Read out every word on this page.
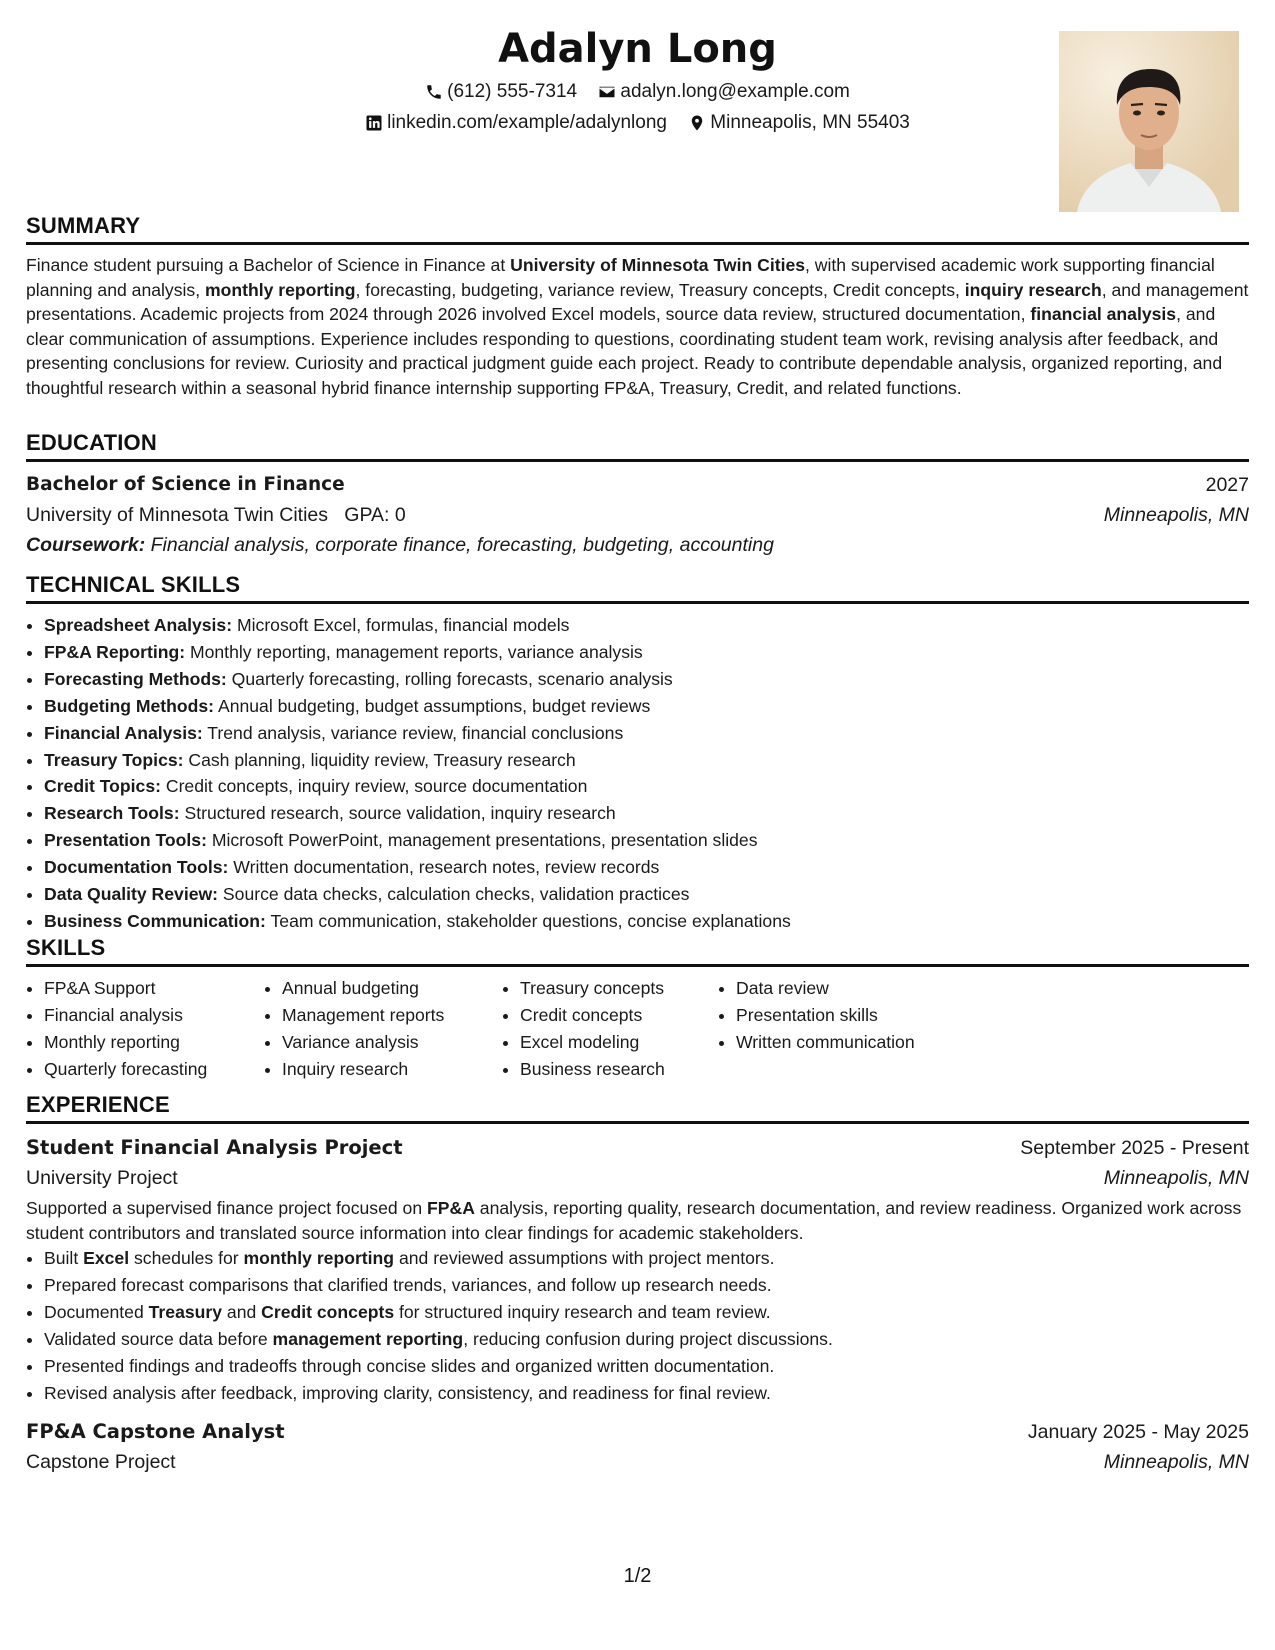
Adalyn Long
(612) 555-7314
adalyn.long@example.com
linkedin.com/example/adalynlong
Minneapolis, MN 55403
SUMMARY

Finance student pursuing a Bachelor of Science in Finance at University of Minnesota Twin Cities, with supervised academic work supporting financial planning and analysis, monthly reporting, forecasting, budgeting, variance review, Treasury concepts, Credit concepts, inquiry research, and management presentations. Academic projects from 2024 through 2026 involved Excel models, source data review, structured documentation, financial analysis, and clear communication of assumptions. Experience includes responding to questions, coordinating student team work, revising analysis after feedback, and presenting conclusions for review. Curiosity and practical judgment guide each project. Ready to contribute dependable analysis, organized reporting, and thoughtful research within a seasonal hybrid finance internship supporting FP&A, Treasury, Credit, and related functions.

EDUCATION
Bachelor of Science in Finance	2027
University of Minnesota Twin Cities GPA: 0	Minneapolis, MN
Coursework: Financial analysis, corporate finance, forecasting, budgeting, accounting
TECHNICAL SKILLS
• Spreadsheet Analysis: Microsoft Excel, formulas, financial models
• FP&A Reporting: Monthly reporting, management reports, variance analysis
• Forecasting Methods: Quarterly forecasting, rolling forecasts, scenario analysis
• Budgeting Methods: Annual budgeting, budget assumptions, budget reviews
• Financial Analysis: Trend analysis, variance review, financial conclusions
• Treasury Topics: Cash planning, liquidity review, Treasury research
• Credit Topics: Credit concepts, inquiry review, source documentation
• Research Tools: Structured research, source validation, inquiry research
• Presentation Tools: Microsoft PowerPoint, management presentations, presentation slides
• Documentation Tools: Written documentation, research notes, review records
• Data Quality Review: Source data checks, calculation checks, validation practices
• Business Communication: Team communication, stakeholder questions, concise explanations
SKILLS
• FP&A Support
• Financial analysis
• Monthly reporting
• Quarterly forecasting
• Annual budgeting
• Management reports
• Variance analysis
• Inquiry research
• Treasury concepts
• Credit concepts
• Excel modeling
• Business research
• Data review
• Presentation skills
• Written communication
EXPERIENCE
Student Financial Analysis Project	September 2025 - Present
University Project	Minneapolis, MN

Supported a supervised finance project focused on FP&A analysis, reporting quality, research documentation, and review readiness. Organized work across student contributors and translated source information into clear findings for academic stakeholders.

• Built Excel schedules for monthly reporting and reviewed assumptions with project mentors.
• Prepared forecast comparisons that clarified trends, variances, and follow up research needs.
• Documented Treasury and Credit concepts for structured inquiry research and team review.
• Validated source data before management reporting, reducing confusion during project discussions.
• Presented findings and tradeoffs through concise slides and organized written documentation.
• Revised analysis after feedback, improving clarity, consistency, and readiness for final review.
FP&A Capstone Analyst	January 2025 - May 2025
Capstone Project	Minneapolis, MN
1/2
